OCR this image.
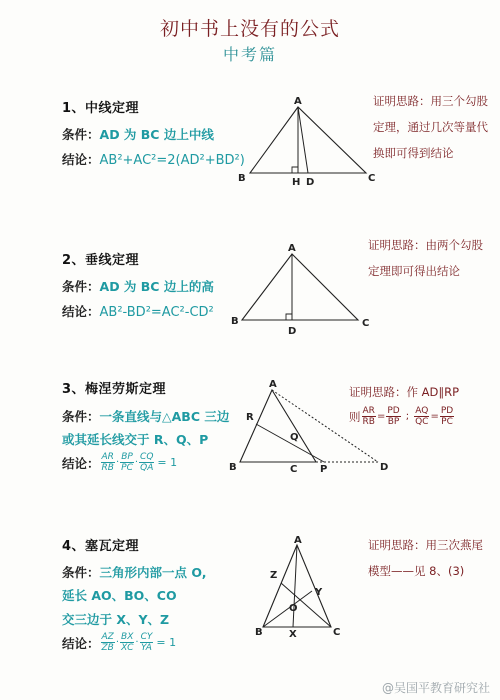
初中书上没有的公式
中考篇
1、中线定理
条件：AD 为 BC 边上中线
结论：AB²+AC²=2(AD²+BD²)
A
B	C
H D
证明思路：用三个勾股
定理，通过几次等量代
换即可得到结论
2、垂线定理
条件：AD 为 BC 边上的高
结论：AB²-BD²=AC²-CD²
A
B	C
D
证明思路：由两个勾股
定理即可得出结论
3、梅涅劳斯定理
条件：一条直线与△ABC 三边
或其延长线交于 R、Q、P
结论： $\frac{AR}{RB} \cdot \frac{BP}{PC} \cdot \frac{CQ}{QA} = 1$
A
B	C	D
R
Q
P
证明思路：作 AD∥RP
则 $\frac{AR}{RB} = \frac{PD}{BP}$ ; $\frac{AQ}{QC} = \frac{PD}{PC}$
4、塞瓦定理
条件：三角形内部一点 O,
延长 AO、BO、CO
交三边于 X、Y、Z
结论： $\frac{AZ}{ZB} \cdot \frac{BX}{XC} \cdot \frac{CY}{YA} = 1$
A
B	C
X
Y
Z
O
证明思路：用三次燕尾
模型——见 8、(3)
@吴国平教育研究社
